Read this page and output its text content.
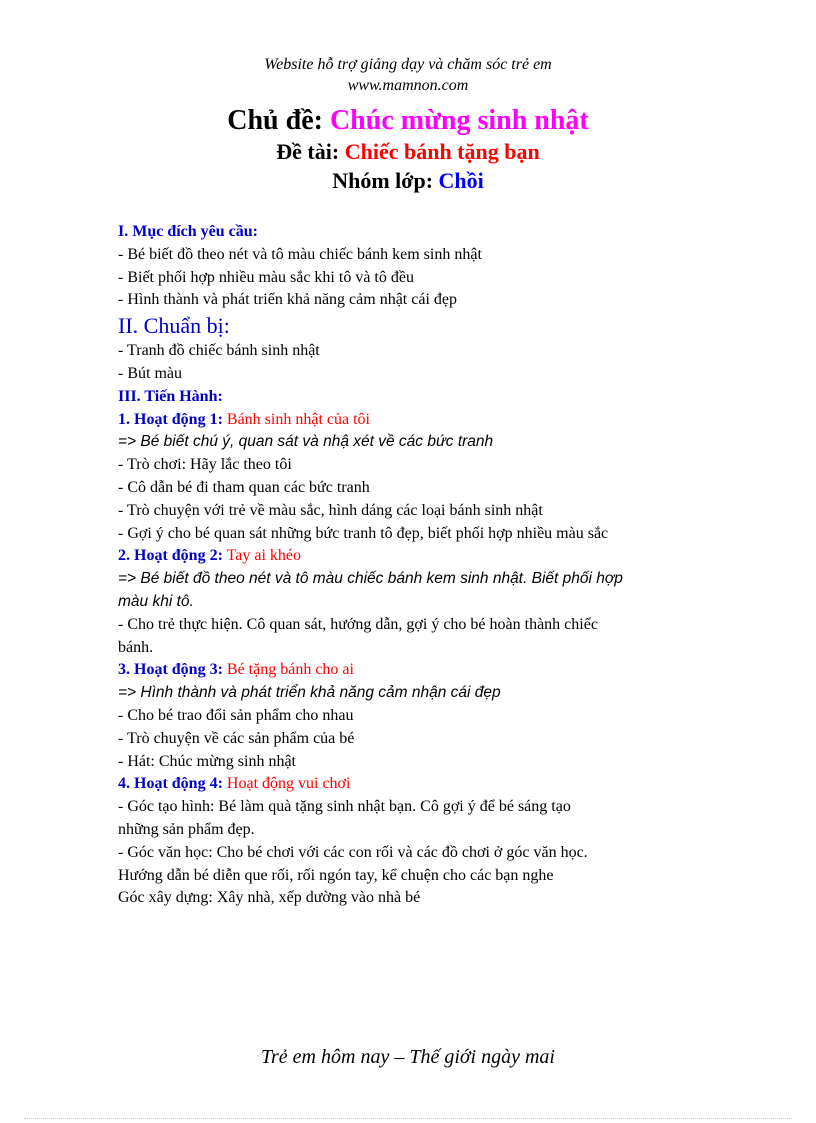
Website hỗ trợ giảng dạy và chăm sóc trẻ em
www.mamnon.com
Chủ đề: Chúc mừng sinh nhật
Đề tài: Chiếc bánh tặng bạn
Nhóm lớp: Chồi
I. Mục đích yêu cầu:
- Bé biết đồ theo nét và tô màu chiếc bánh kem sinh nhật
- Biết phối hợp nhiều màu sắc khi tô và tô đều
- Hình thành và phát triển khả năng cảm nhật cái đẹp
II. Chuẩn bị:
- Tranh đồ chiếc bánh sinh nhật
- Bút màu
III. Tiến Hành:
1. Hoạt động 1: Bánh sinh nhật của tôi
=> Bé biết chú ý, quan sát và nhậ xét về các bức tranh
- Trò chơi: Hãy lắc theo tôi
- Cô dẫn bé đi tham quan các bức tranh
- Trò chuyện với trẻ về màu sắc, hình dáng các loại bánh sinh nhật
- Gợi ý cho bé quan sát những bức tranh tô đẹp, biết phối hợp nhiều màu sắc
2. Hoạt động 2: Tay ai khéo
=> Bé biết đồ theo nét và tô màu chiếc bánh kem sinh nhật. Biết phối hợp
màu khi tô.
- Cho trẻ thực hiện. Cô quan sát, hướng dẫn, gợi ý cho bé hoàn thành chiếc
bánh.
3. Hoạt động 3: Bé tặng bánh cho ai
=> Hình thành và phát triển khả năng cảm nhận cái đẹp
- Cho bé trao đổi sản phẩm cho nhau
- Trò chuyện về các sản phẩm của bé
- Hát: Chúc mừng sinh nhật
4. Hoạt động 4: Hoạt động vui chơi
- Góc tạo hình: Bé làm quà tặng sinh nhật bạn. Cô gợi ý để bé sáng tạo
những sản phẩm đẹp.
- Góc văn học: Cho bé chơi với các con rối và các đồ chơi ở góc văn học.
Hướng dẫn bé diễn que rối, rối ngón tay, kể chuện cho các bạn nghe
Góc xây dựng: Xây nhà, xếp dường vào nhà bé
Trẻ em hôm nay – Thế giới ngày mai
